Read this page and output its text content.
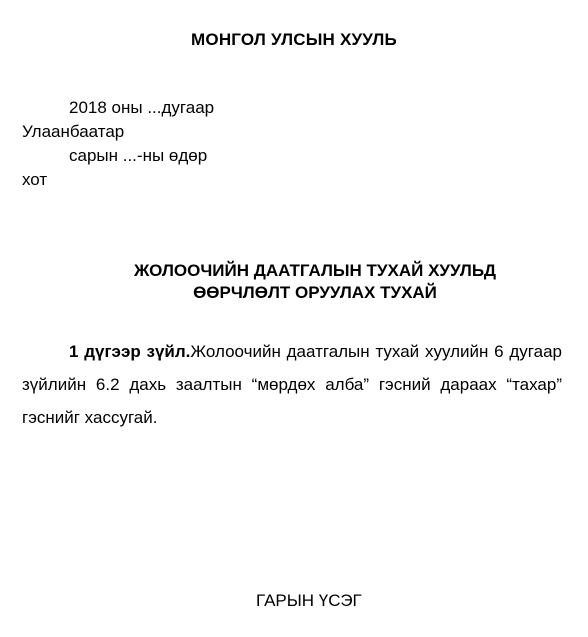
МОНГОЛ УЛСЫН ХУУЛЬ
2018 оны ...дугаар
Улаанбаатар
сарын ...-ны өдөр
хот
ЖОЛООЧИЙН ДААТГАЛЫН ТУХАЙ ХУУЛЬД
ӨӨРЧЛӨЛТ ОРУУЛАХ ТУХАЙ
1 дүгээр зүйл.Жолоочийн даатгалын тухай хуулийн 6 дугаар зүйлийн 6.2 дахь заалтын “мөрдөх алба” гэсний дараах “тахар” гэснийг хассугай.
ГАРЫН ҮСЭГ
